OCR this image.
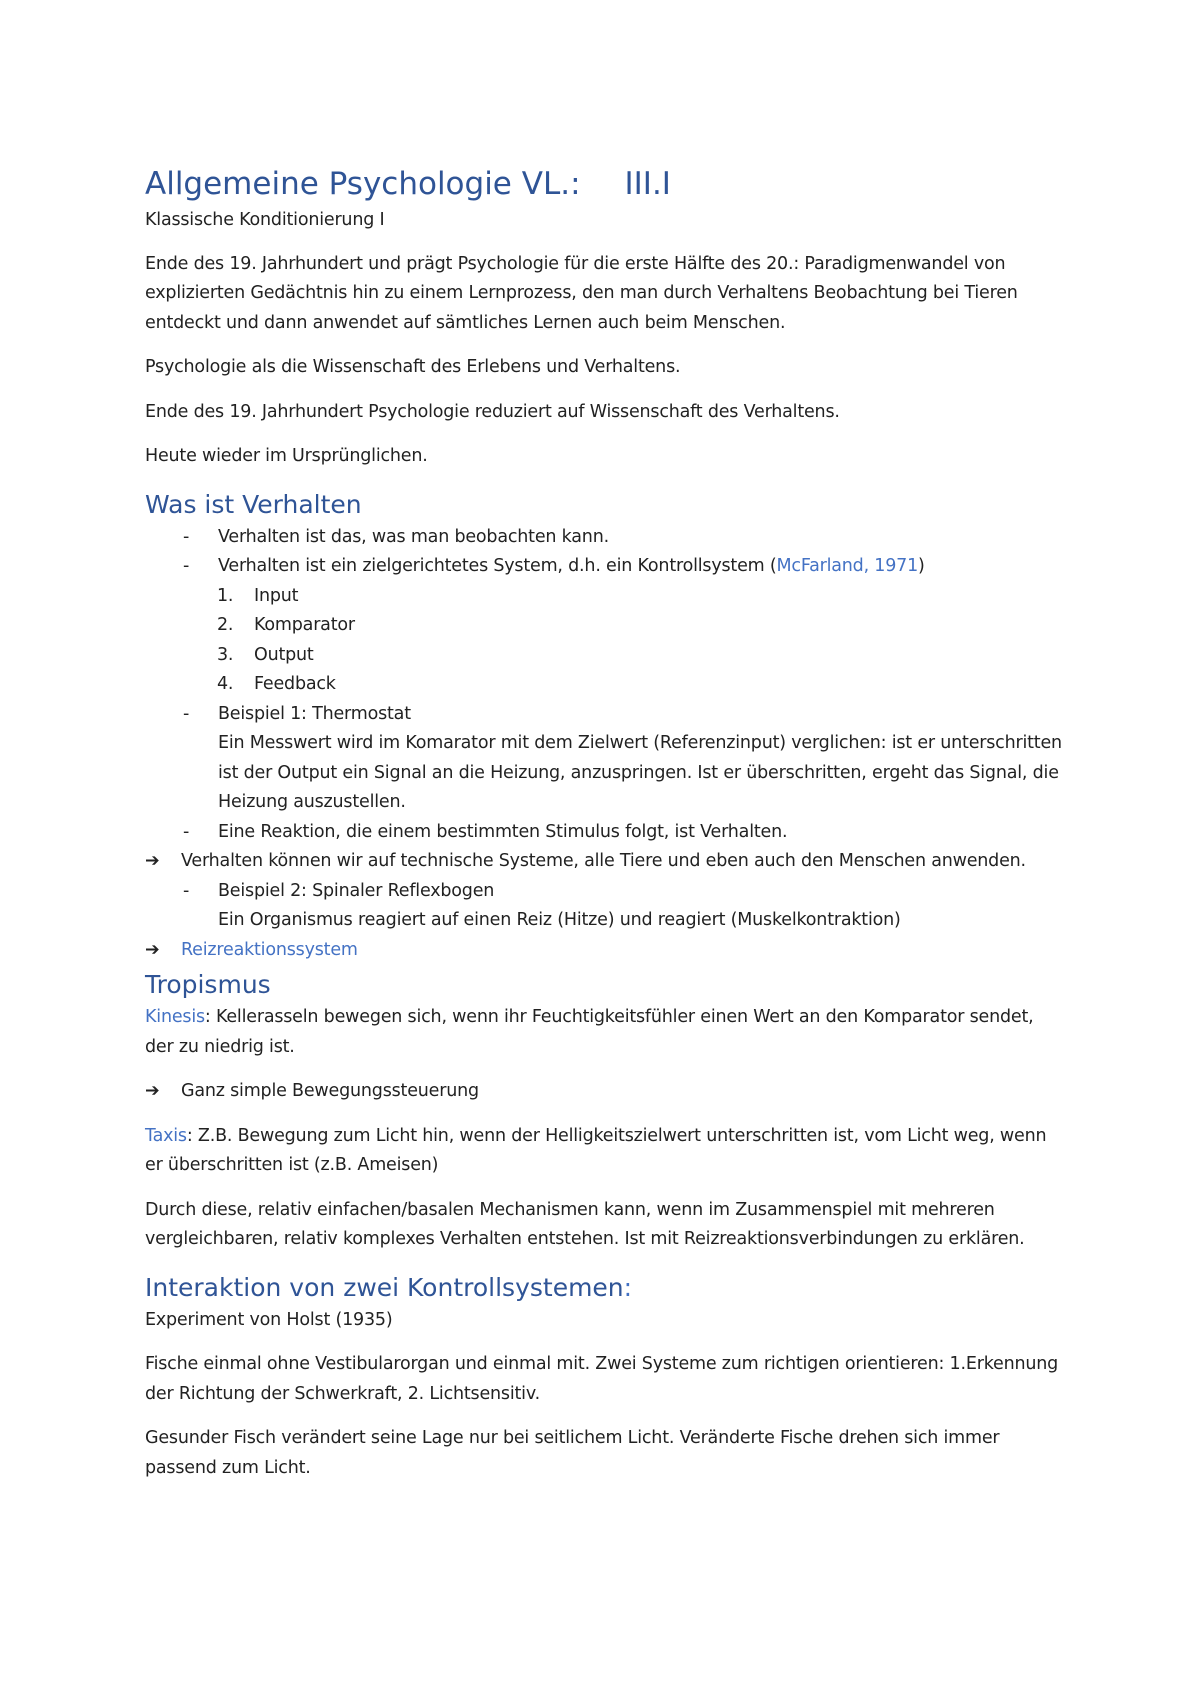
Allgemeine Psychologie VL.: III.I
Klassische Konditionierung I

Ende des 19. Jahrhundert und prägt Psychologie für die erste Hälfte des 20.: Paradigmenwandel von explizierten Gedächtnis hin zu einem Lernprozess, den man durch Verhaltens Beobachtung bei Tieren entdeckt und dann anwendet auf sämtliches Lernen auch beim Menschen.

Psychologie als die Wissenschaft des Erlebens und Verhaltens.

Ende des 19. Jahrhundert Psychologie reduziert auf Wissenschaft des Verhaltens.

Heute wieder im Ursprünglichen.

Was ist Verhalten
- Verhalten ist das, was man beobachten kann.
- Verhalten ist ein zielgerichtetes System, d.h. ein Kontrollsystem (McFarland, 1971)
1. Input
2. Komparator
3. Output
4. Feedback
- Beispiel 1: Thermostat
Ein Messwert wird im Komarator mit dem Zielwert (Referenzinput) verglichen: ist er unterschritten ist der Output ein Signal an die Heizung, anzuspringen. Ist er überschritten, ergeht das Signal, die Heizung auszustellen.
- Eine Reaktion, die einem bestimmten Stimulus folgt, ist Verhalten.
➔ Verhalten können wir auf technische Systeme, alle Tiere und eben auch den Menschen anwenden.
- Beispiel 2: Spinaler Reflexbogen
Ein Organismus reagiert auf einen Reiz (Hitze) und reagiert (Muskelkontraktion)
➔ Reizreaktionssystem
Tropismus

Kinesis: Kellerasseln bewegen sich, wenn ihr Feuchtigkeitsfühler einen Wert an den Komparator sendet, der zu niedrig ist.

➔ Ganz simple Bewegungssteuerung

Taxis: Z.B. Bewegung zum Licht hin, wenn der Helligkeitszielwert unterschritten ist, vom Licht weg, wenn er überschritten ist (z.B. Ameisen)

Durch diese, relativ einfachen/basalen Mechanismen kann, wenn im Zusammenspiel mit mehreren vergleichbaren, relativ komplexes Verhalten entstehen. Ist mit Reizreaktionsverbindungen zu erklären.

Interaktion von zwei Kontrollsystemen:
Experiment von Holst (1935)

Fische einmal ohne Vestibularorgan und einmal mit. Zwei Systeme zum richtigen orientieren: 1.Erkennung der Richtung der Schwerkraft, 2. Lichtsensitiv.

Gesunder Fisch verändert seine Lage nur bei seitlichem Licht. Veränderte Fische drehen sich immer passend zum Licht.
